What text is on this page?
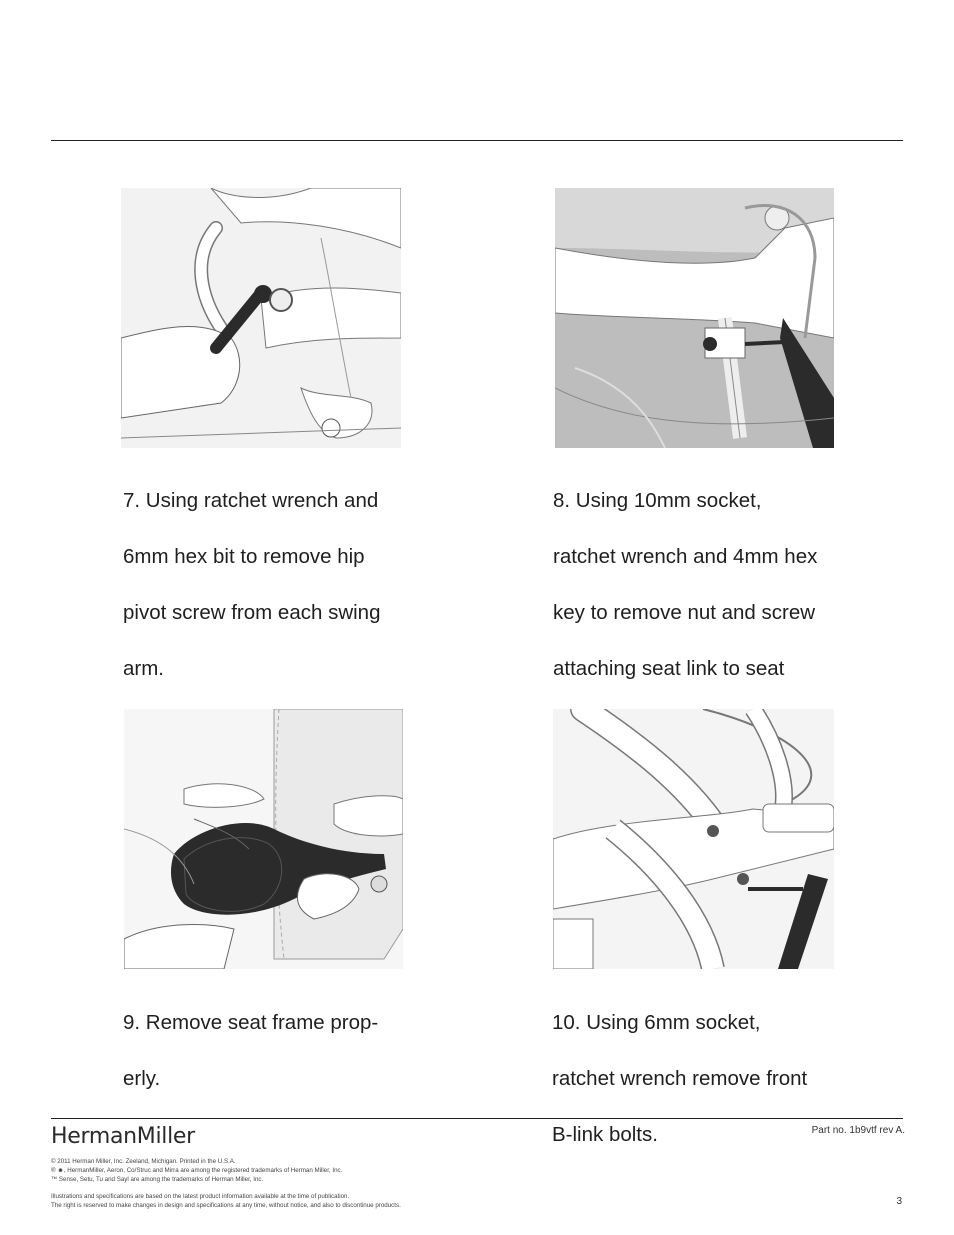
7. Using ratchet wrench and

6mm hex bit to remove hip

pivot screw from each swing

arm.

8. Using 10mm socket,

ratchet wrench and 4mm hex

key to remove nut and screw

attaching seat link to seat

9. Remove seat frame prop-

erly.

10. Using 6mm socket,

ratchet wrench remove front

B-link bolts.

HermanMiller	Part no. 1b9vtf rev A.
© 2011 Herman Miller, Inc. Zeeland, Michigan. Printed in the U.S.A.
® ☻, HermanMiller, Aeron, Co/Struc and Mirra are among the registered trademarks of Herman Miller, Inc.
™ Sense, Setu, Tu and Sayl are among the trademarks of Herman Miller, Inc.
Illustrations and specifications are based on the latest product information available at the time of publication.
The right is reserved to make changes in design and specifications at any time, without notice, and also to discontinue products.	3
